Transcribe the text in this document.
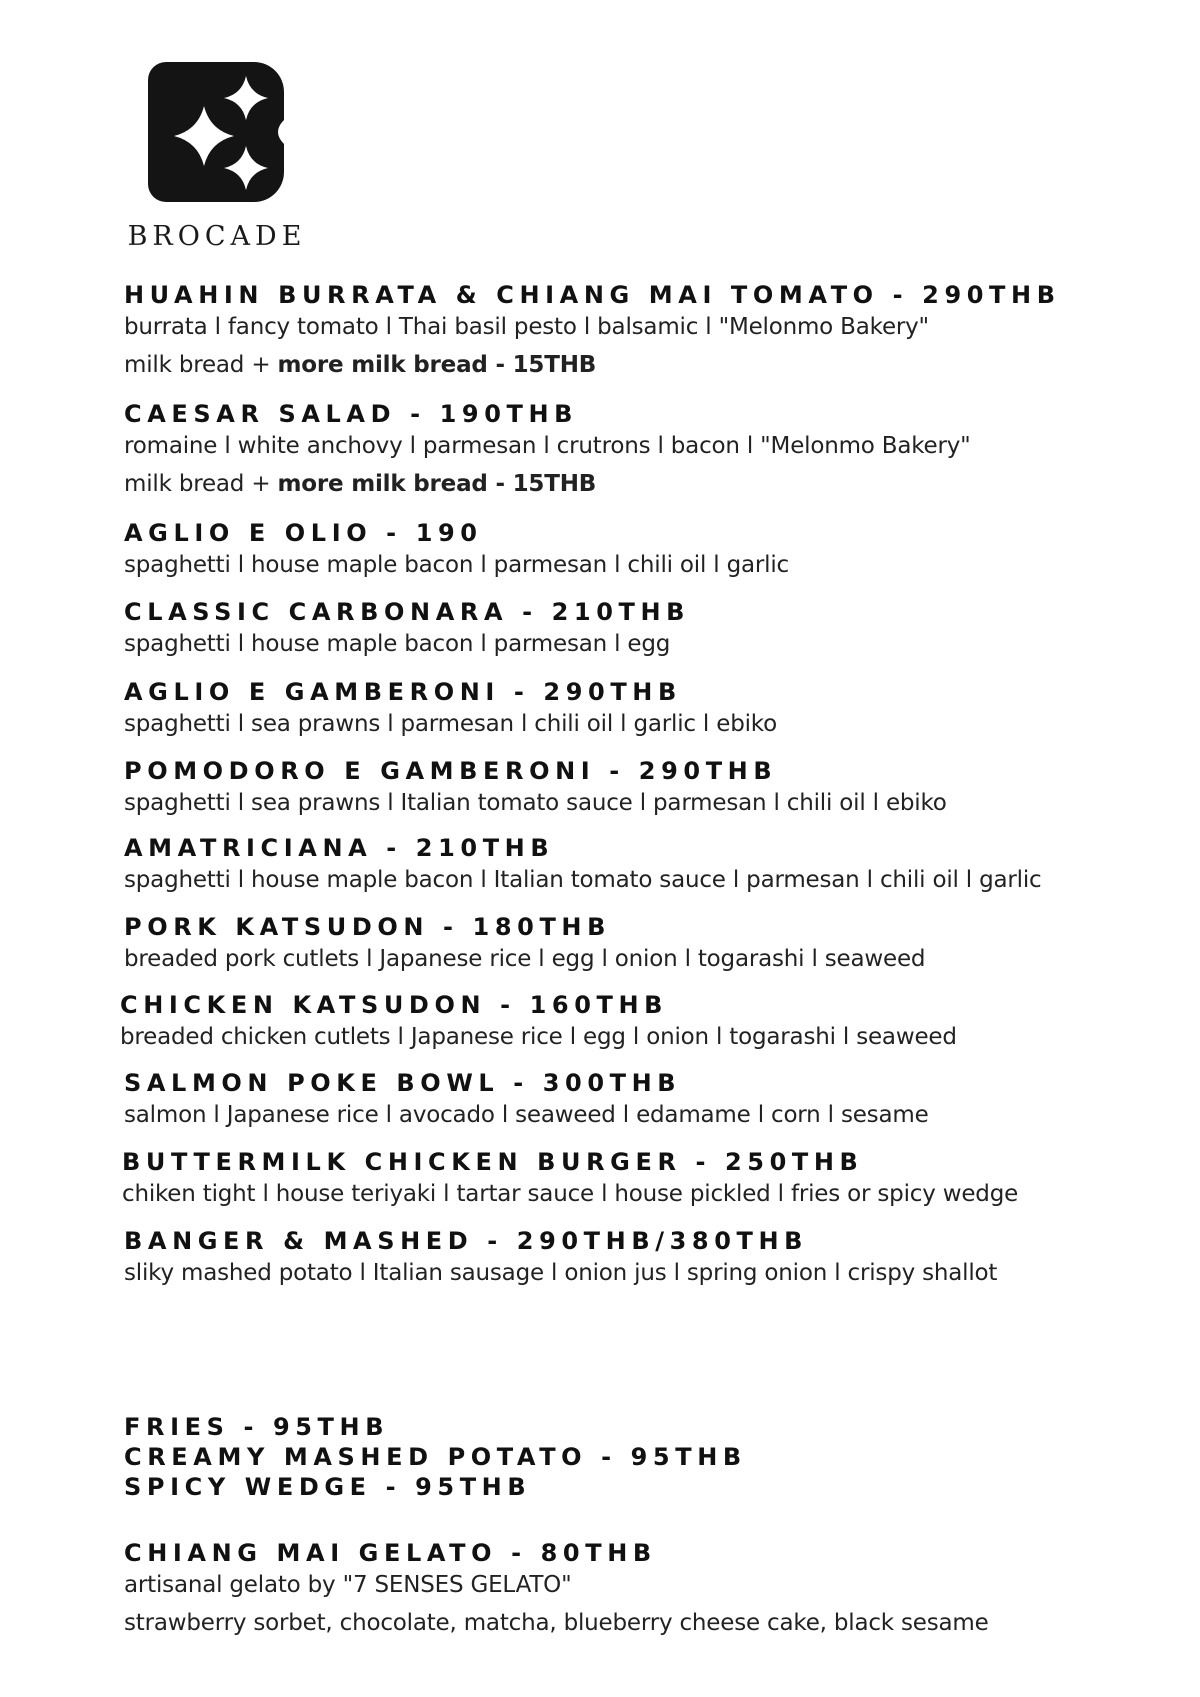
BROCADE
HUAHIN BURRATA & CHIANG MAI TOMATO - 290THB
burrata l fancy tomato l Thai basil pesto l balsamic l "Melonmo Bakery"
milk bread + more milk bread - 15THB
CAESAR SALAD - 190THB
romaine l white anchovy l parmesan l crutrons l bacon l "Melonmo Bakery"
milk bread + more milk bread - 15THB
AGLIO E OLIO - 190
spaghetti l house maple bacon l parmesan l chili oil l garlic
CLASSIC CARBONARA - 210THB
spaghetti l house maple bacon l parmesan l egg
AGLIO E GAMBERONI - 290THB
spaghetti l sea prawns l parmesan l chili oil l garlic l ebiko
POMODORO E GAMBERONI - 290THB
spaghetti l sea prawns l Italian tomato sauce l parmesan l chili oil l ebiko
AMATRICIANA - 210THB
spaghetti l house maple bacon l Italian tomato sauce l parmesan l chili oil l garlic
PORK KATSUDON - 180THB
breaded pork cutlets l Japanese rice l egg l onion l togarashi l seaweed
CHICKEN KATSUDON - 160THB
breaded chicken cutlets l Japanese rice l egg l onion l togarashi l seaweed
SALMON POKE BOWL - 300THB
salmon l Japanese rice l avocado l seaweed l edamame l corn l sesame
BUTTERMILK CHICKEN BURGER - 250THB
chiken tight l house teriyaki l tartar sauce l house pickled l fries or spicy wedge
BANGER & MASHED - 290THB/380THB
sliky mashed potato l Italian sausage l onion jus l spring onion l crispy shallot
FRIES - 95THB
CREAMY MASHED POTATO - 95THB
SPICY WEDGE - 95THB
CHIANG MAI GELATO - 80THB
artisanal gelato by "7 SENSES GELATO"
strawberry sorbet, chocolate, matcha, blueberry cheese cake, black sesame
